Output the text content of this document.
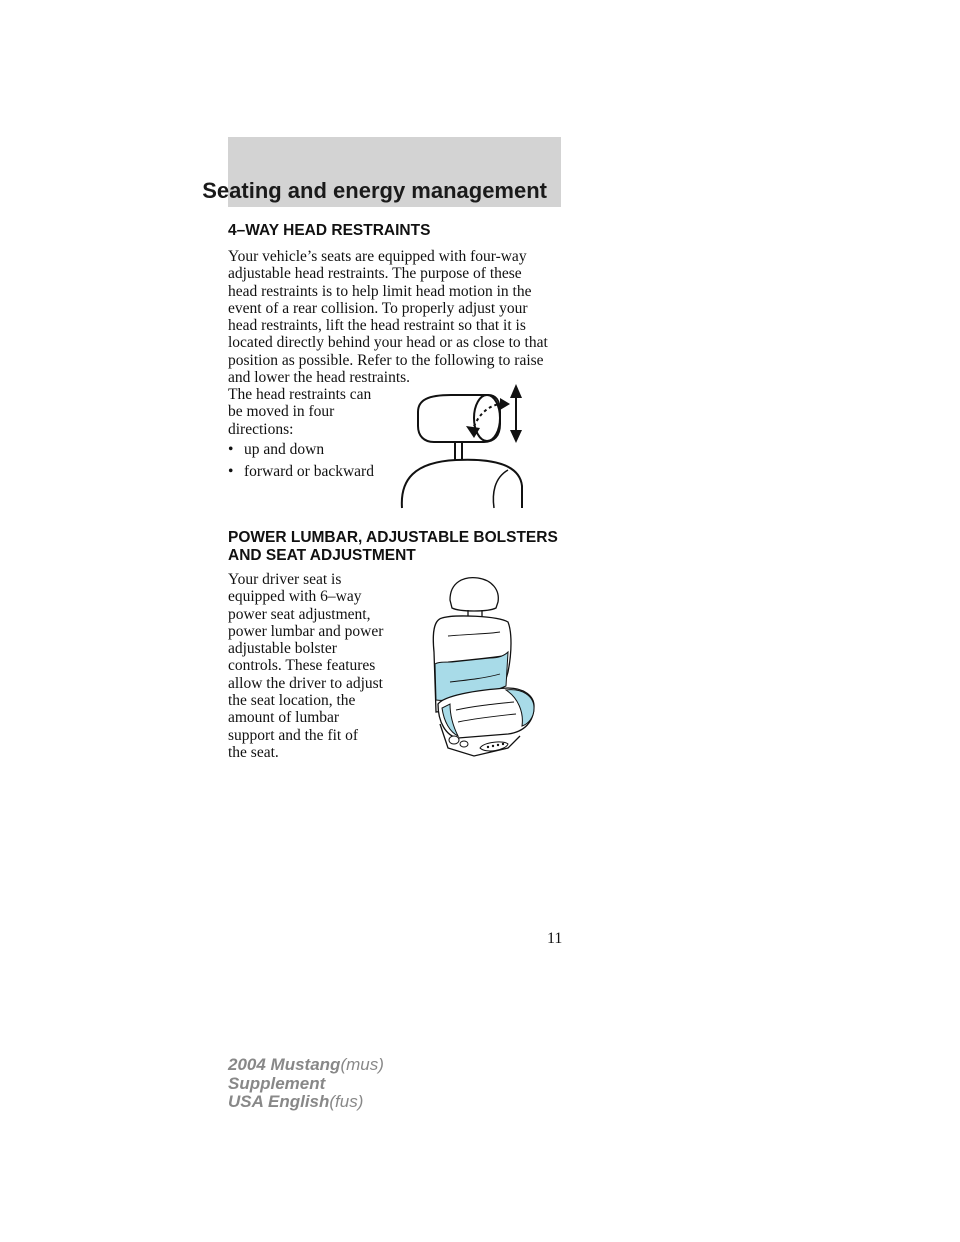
Seating and energy management
4–WAY HEAD RESTRAINTS
Your vehicle’s seats are equipped with four-way
adjustable head restraints. The purpose of these
head restraints is to help limit head motion in the
event of a rear collision. To properly adjust your
head restraints, lift the head restraint so that it is
located directly behind your head or as close to that
position as possible. Refer to the following to raise
and lower the head restraints.
The head restraints can
be moved in four
directions:
• up and down
• forward or backward
POWER LUMBAR, ADJUSTABLE BOLSTERS
AND SEAT ADJUSTMENT
Your driver seat is
equipped with 6–way
power seat adjustment,
power lumbar and power
adjustable bolster
controls. These features
allow the driver to adjust
the seat location, the
amount of lumbar
support and the fit of
the seat.
11
2004 Mustang(mus)
Supplement
USA English(fus)
